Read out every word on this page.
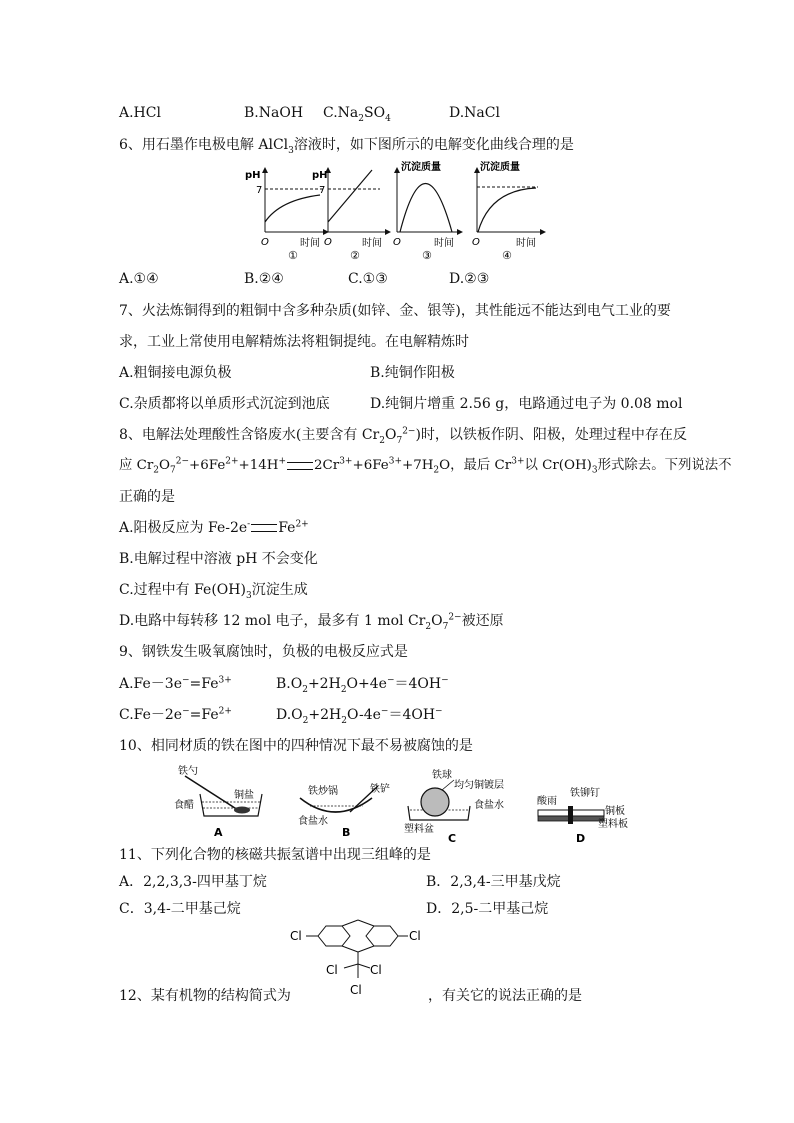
A.HCl	B.NaOH $C.Na_2SO_4$	D.NaCl
6、用石墨作电极电解 AlCl$_3$溶液时，如下图所示的电解变化曲线合理的是
pH
7
O	时间
①
pH
7
O	时间
②
沉淀质量
O	时间
③
沉淀质量
O	时间
④
A.①④	B.②④	C.①③	D.②③
7、火法炼铜得到的粗铜中含多种杂质(如锌、金、银等)，其性能远不能达到电气工业的要
求，工业上常使用电解精炼法将粗铜提纯。在电解精炼时
A.粗铜接电源负极	B.纯铜作阳极
C.杂质都将以单质形式沉淀到池底	D.纯铜片增重 2.56 g，电路通过电子为 0.08 mol
8、电解法处理酸性含铬废水(主要含有 $Cr_2O_7^{2-}$)时，以铁板作阴、阳极，处理过程中存在反
应 $Cr_2O_7^{2-}+6Fe^{2+}+14H^+$ $2Cr^{3+}+6Fe^{3+}+7H_2O$，最后 $Cr^{3+}$以 $Cr(OH)_3$形式除去。下列说法不
正确的是
A.阳极反应为 Fe-2e- $Fe^{2+}$
B.电解过程中溶液 pH 不会变化
C.过程中有 $Fe(OH)_3$沉淀生成
D.电路中每转移 12 mol 电子，最多有 1 mol $Cr_2O_7^{2-}$被还原
9、钢铁发生吸氧腐蚀时，负极的电极反应式是
$A.Fe-3e^-=Fe^{3+}$	$B.O_2+2H_2O+4e^-=4OH^-$
$C.Fe-2e^-=Fe^{2+}$	$D.O_2+2H_2O-4e^-=4OH^-$
10、相同材质的铁在图中的四种情况下最不易被腐蚀的是
铁勺
铜盐
食醋
A
铁炒锅	铁铲
食盐水
B
铁球
均匀铜镀层
食盐水
塑料盆
C
酸雨
铁铆钉
铜板
塑料板
D
11、下列化合物的核磁共振氢谱中出现三组峰的是
A．2,2,3,3-四甲基丁烷	B．2,3,4-三甲基戊烷
C．3,4-二甲基己烷	D．2,5-二甲基己烷
Cl	Cl
Cl	Cl
Cl
12、某有机物的结构简式为	，有关它的说法正确的是
